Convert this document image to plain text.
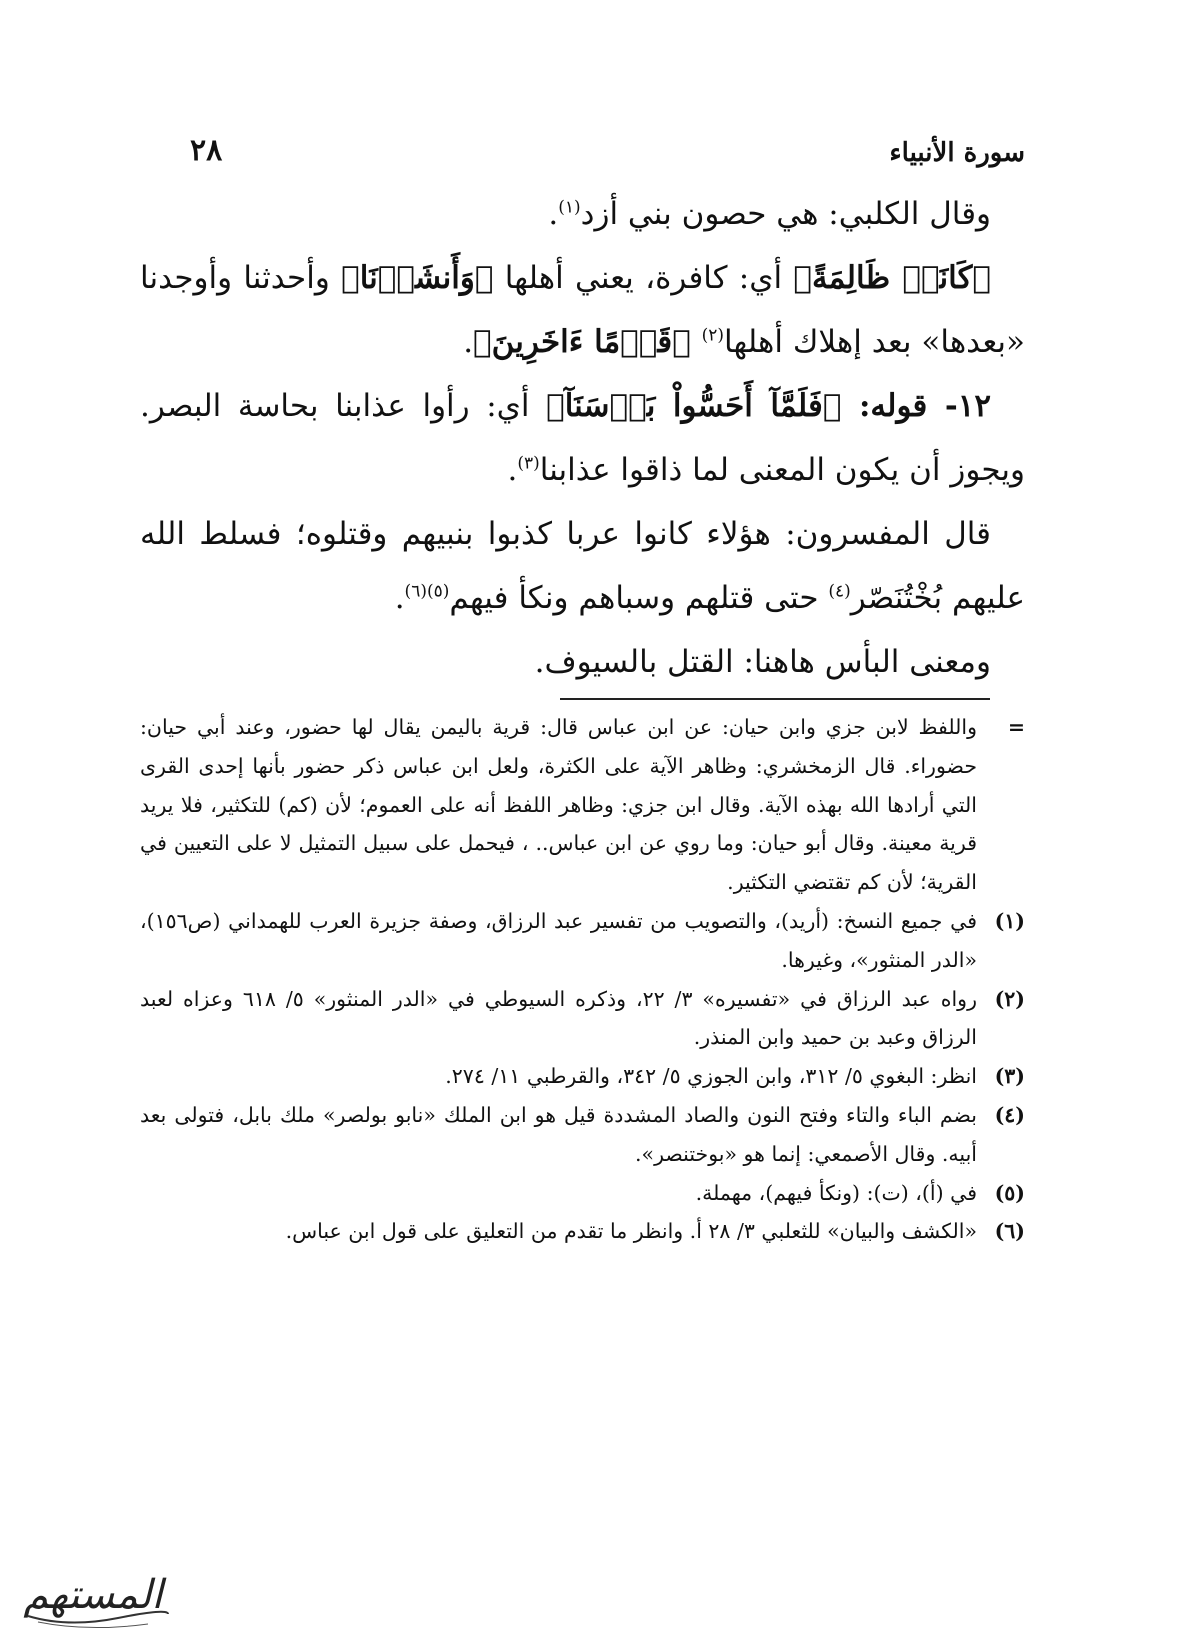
٢٨	سورة الأنبياء

وقال الكلبي: هي حصون بني أزد$^{(١)}$.

﴿كَانَتۡ ظَالِمَةً﴾ أي: كافرة، يعني أهلها ﴿وَأَنشَأۡنَا﴾ وأحدثنا وأوجدنا «بعدها» بعد إهلاك أهلها$^{(٢)}$ ﴿قَوۡمًا ءَاخَرِينَ﴾.

١٢- قوله: ﴿فَلَمَّآ أَحَسُّواْ بَأۡسَنَآ﴾ أي: رأوا عذابنا بحاسة البصر. ويجوز أن يكون المعنى لما ذاقوا عذابنا$^{(٣)}$.

قال المفسرون: هؤلاء كانوا عربا كذبوا بنبيهم وقتلوه؛ فسلط الله عليهم بُخْتُنَصّر$^{(٤)}$ حتى قتلهم وسباهم ونكأ فيهم$^{(٥)(٦)}$.

ومعنى البأس هاهنا: القتل بالسيوف.

=
واللفظ لابن جزي وابن حيان: عن ابن عباس قال: قرية باليمن يقال لها حضور، وعند أبي حيان: حضوراء. قال الزمخشري: وظاهر الآية على الكثرة، ولعل ابن عباس ذكر حضور بأنها إحدى القرى التي أرادها الله بهذه الآية. وقال ابن جزي: وظاهر اللفظ أنه على العموم؛ لأن (كم) للتكثير، فلا يريد قرية معينة. وقال أبو حيان: وما روي عن ابن عباس.. ، فيحمل على سبيل التمثيل لا على التعيين في القرية؛ لأن كم تقتضي التكثير.
(١)
في جميع النسخ: (أريد)، والتصويب من تفسير عبد الرزاق، وصفة جزيرة العرب للهمداني (ص١٥٦)، «الدر المنثور»، وغيرها.
(٢)
رواه عبد الرزاق في «تفسيره» ٣/ ٢٢، وذكره السيوطي في «الدر المنثور» ٥/ ٦١٨ وعزاه لعبد الرزاق وعبد بن حميد وابن المنذر.
(٣)
انظر: البغوي ٥/ ٣١٢، وابن الجوزي ٥/ ٣٤٢، والقرطبي ١١/ ٢٧٤.
(٤)
بضم الباء والتاء وفتح النون والصاد المشددة قيل هو ابن الملك «نابو بولصر» ملك بابل، فتولى بعد أبيه. وقال الأصمعي: إنما هو «بوختنصر».
(٥)
في (أ)، (ت): (ونكأ فيهم)، مهملة.
(٦)
«الكشف والبيان» للثعلبي ٣/ ٢٨ أ. وانظر ما تقدم من التعليق على قول ابن عباس.
المستهم
